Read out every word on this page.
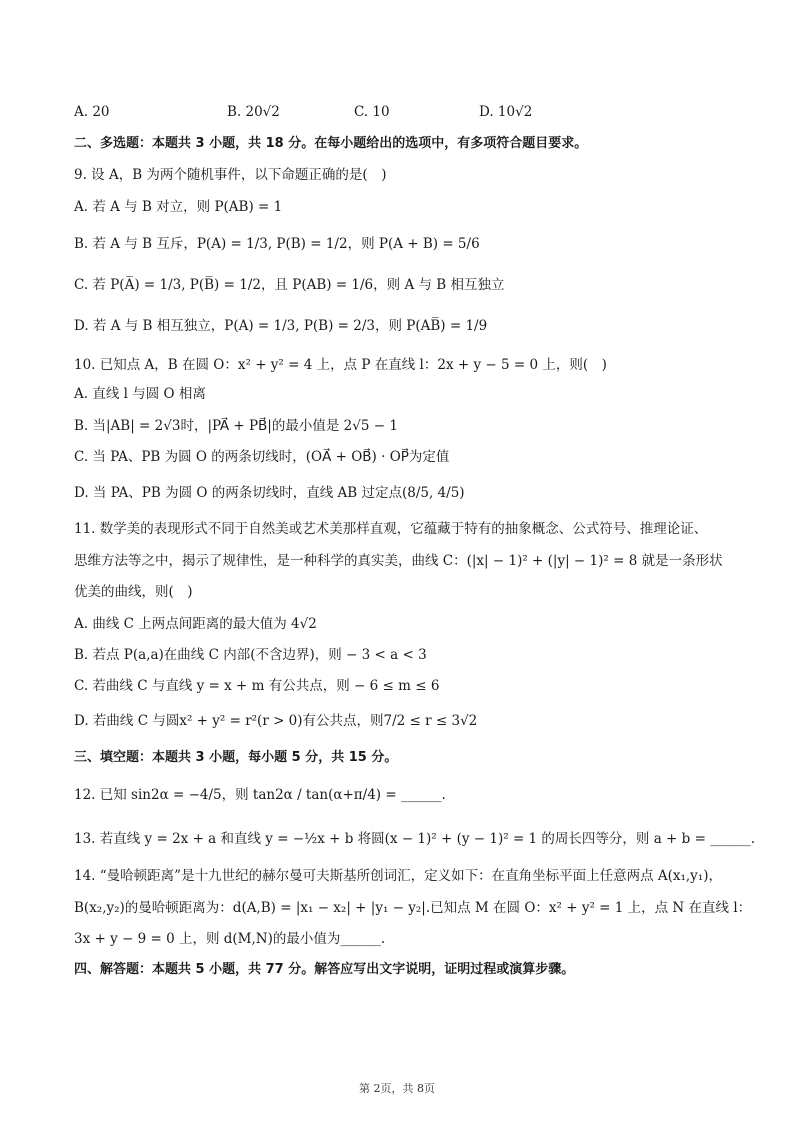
A. 20	B. 20√2	C. 10	D. 10√2
二、多选题：本题共 3 小题，共 18 分。在每小题给出的选项中，有多项符合题目要求。
9. 设 A，B 为两个随机事件，以下命题正确的是(　)
A. 若 A 与 B 对立，则 P(AB) = 1
B. 若 A 与 B 互斥，P(A) = 1/3, P(B) = 1/2，则 P(A + B) = 5/6
C. 若 P(A̅) = 1/3, P(B̅) = 1/2，且 P(AB) = 1/6，则 A 与 B 相互独立
D. 若 A 与 B 相互独立，P(A) = 1/3, P(B) = 2/3，则 P(AB̅) = 1/9
10. 已知点 A，B 在圆 O：x² + y² = 4 上，点 P 在直线 l：2x + y − 5 = 0 上，则(　)
A. 直线 l 与圆 O 相离
B. 当|AB| = 2√3时，|PA⃗ + PB⃗|的最小值是 2√5 − 1
C. 当 PA、PB 为圆 O 的两条切线时，(OA⃗ + OB⃗) · OP⃗为定值
D. 当 PA、PB 为圆 O 的两条切线时，直线 AB 过定点(8/5, 4/5)
11. 数学美的表现形式不同于自然美或艺术美那样直观，它蕴藏于特有的抽象概念、公式符号、推理论证、
思维方法等之中，揭示了规律性，是一种科学的真实美，曲线 C：(|x| − 1)² + (|y| − 1)² = 8 就是一条形状
优美的曲线，则(　)
A. 曲线 C 上两点间距离的最大值为 4√2
B. 若点 P(a,a)在曲线 C 内部(不含边界)，则 − 3 < a < 3
C. 若曲线 C 与直线 y = x + m 有公共点，则 − 6 ≤ m ≤ 6
D. 若曲线 C 与圆x² + y² = r²(r > 0)有公共点，则7/2 ≤ r ≤ 3√2
三、填空题：本题共 3 小题，每小题 5 分，共 15 分。
12. 已知 sin2α = −4/5，则 tan2α / tan(α+π/4) = ______.
13. 若直线 y = 2x + a 和直线 y = −½x + b 将圆(x − 1)² + (y − 1)² = 1 的周长四等分，则 a + b = ______.
14. “曼哈顿距离”是十九世纪的赫尔曼可夫斯基所创词汇，定义如下：在直角坐标平面上任意两点 A(x₁,y₁)，
B(x₂,y₂)的曼哈顿距离为：d(A,B) = |x₁ − x₂| + |y₁ − y₂|.已知点 M 在圆 O：x² + y² = 1 上，点 N 在直线 l：
3x + y − 9 = 0 上，则 d(M,N)的最小值为______.
四、解答题：本题共 5 小题，共 77 分。解答应写出文字说明，证明过程或演算步骤。
第 2页，共 8页
